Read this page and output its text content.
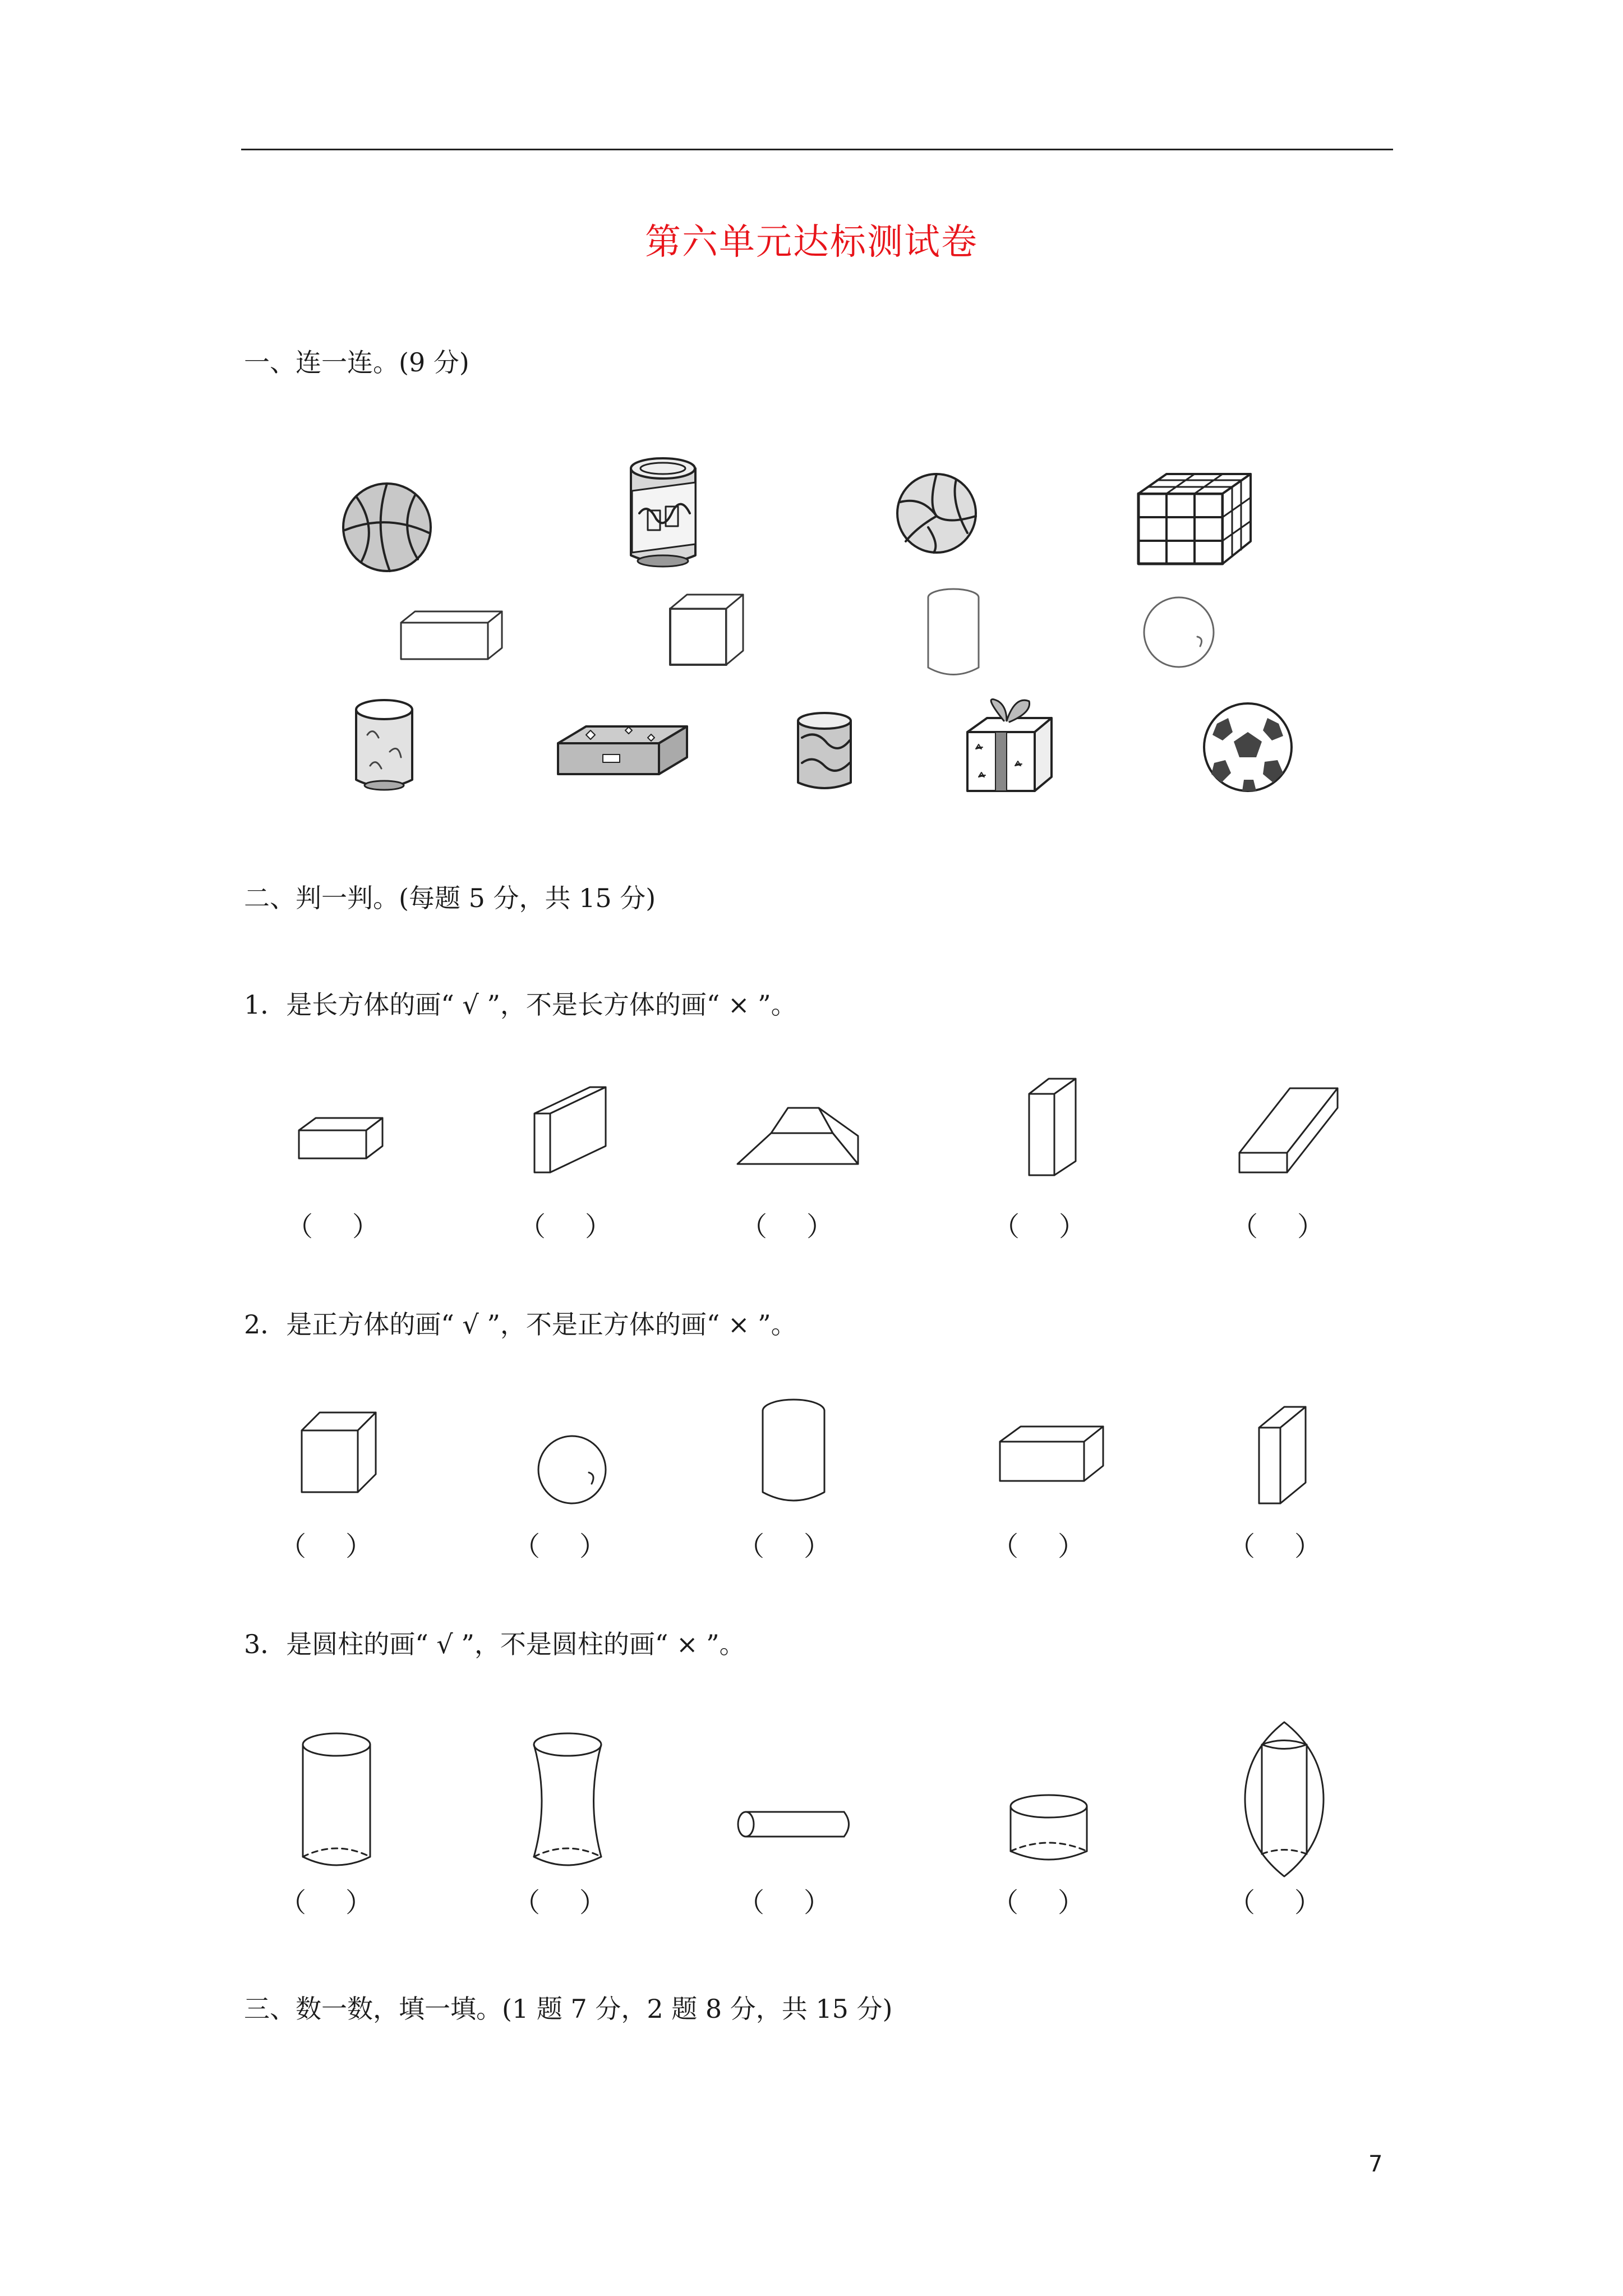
第六单元达标测试卷
一、连一连。(9 分)
二、判一判。(每题 5 分，共 15 分)
1．是长方体的画“ √ ”，不是长方体的画“ × ”。
（ ）	（ ）	（ ）	（ ）	（ ）
2．是正方体的画“ √ ”，不是正方体的画“ × ”。
（ ）	（ ）	（ ）	（ ）	（ ）
3．是圆柱的画“ √ ”，不是圆柱的画“ × ”。
（ ）	（ ）	（ ）	（ ）	（ ）
三、数一数，填一填。(1 题 7 分，2 题 8 分，共 15 分)
7
